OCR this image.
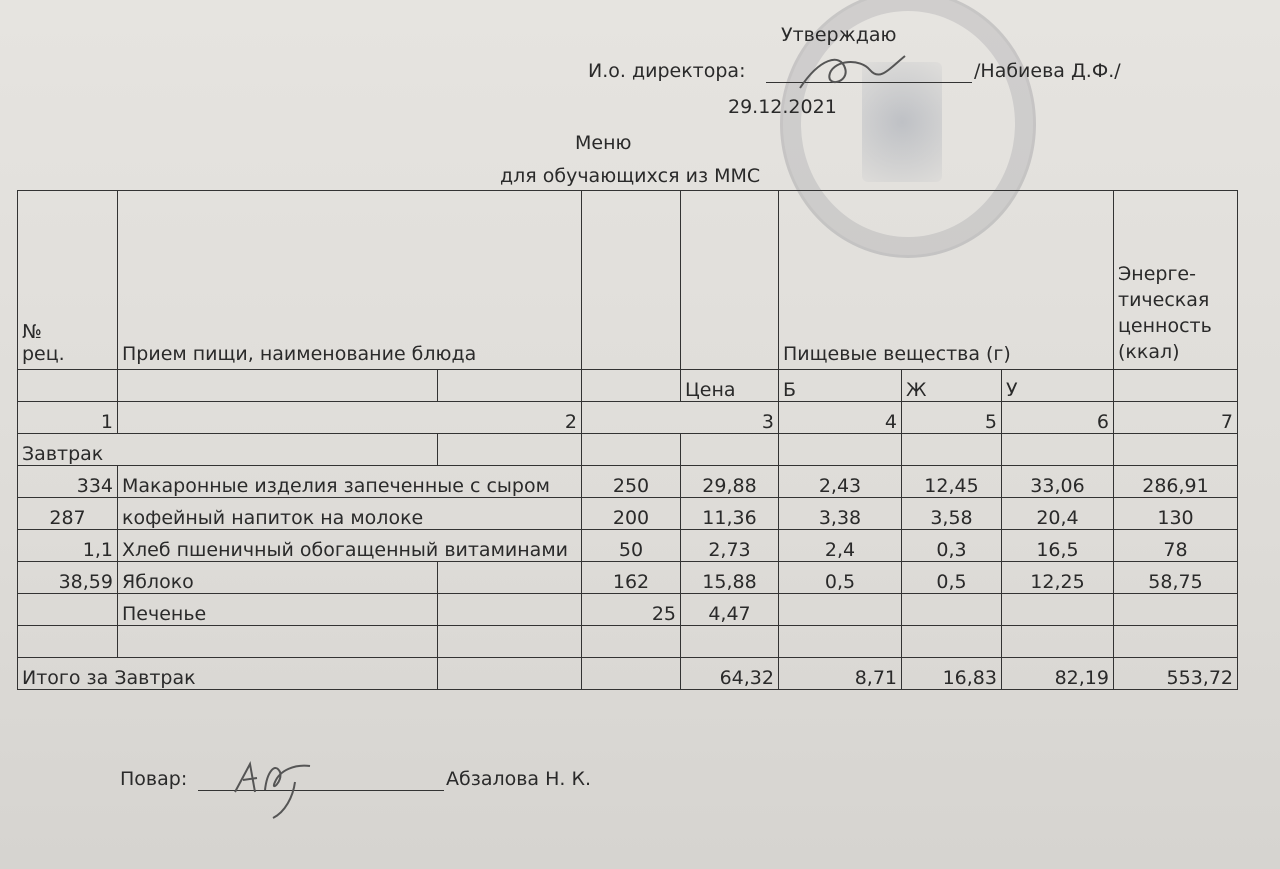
Утверждаю
И.о. директора:	/Набиева Д.Ф./
29.12.2021
Меню
для обучающихся из ММС
№
рец.	Прием пищи, наименование блюда				Пищевые вещества (г)			Энерге-тическая ценность (ккал)
				Цена	Б	Ж	У	
1	2		3		4	5	6	7
Завтрак								
334	Макаронные изделия запеченные с сыром		250	29,88	2,43	12,45	33,06	286,91
287	кофейный напиток на молоке		200	11,36	3,38	3,58	20,4	130
1,1	Хлеб пшеничный обогащенный витаминами		50	2,73	2,4	0,3	16,5	78
38,59	Яблоко		162	15,88	0,5	0,5	12,25	58,75
	Печенье		25	4,47				

Итого за Завтрак				64,32	8,71	16,83	82,19	553,72
Повар:	Абзалова Н. К.
